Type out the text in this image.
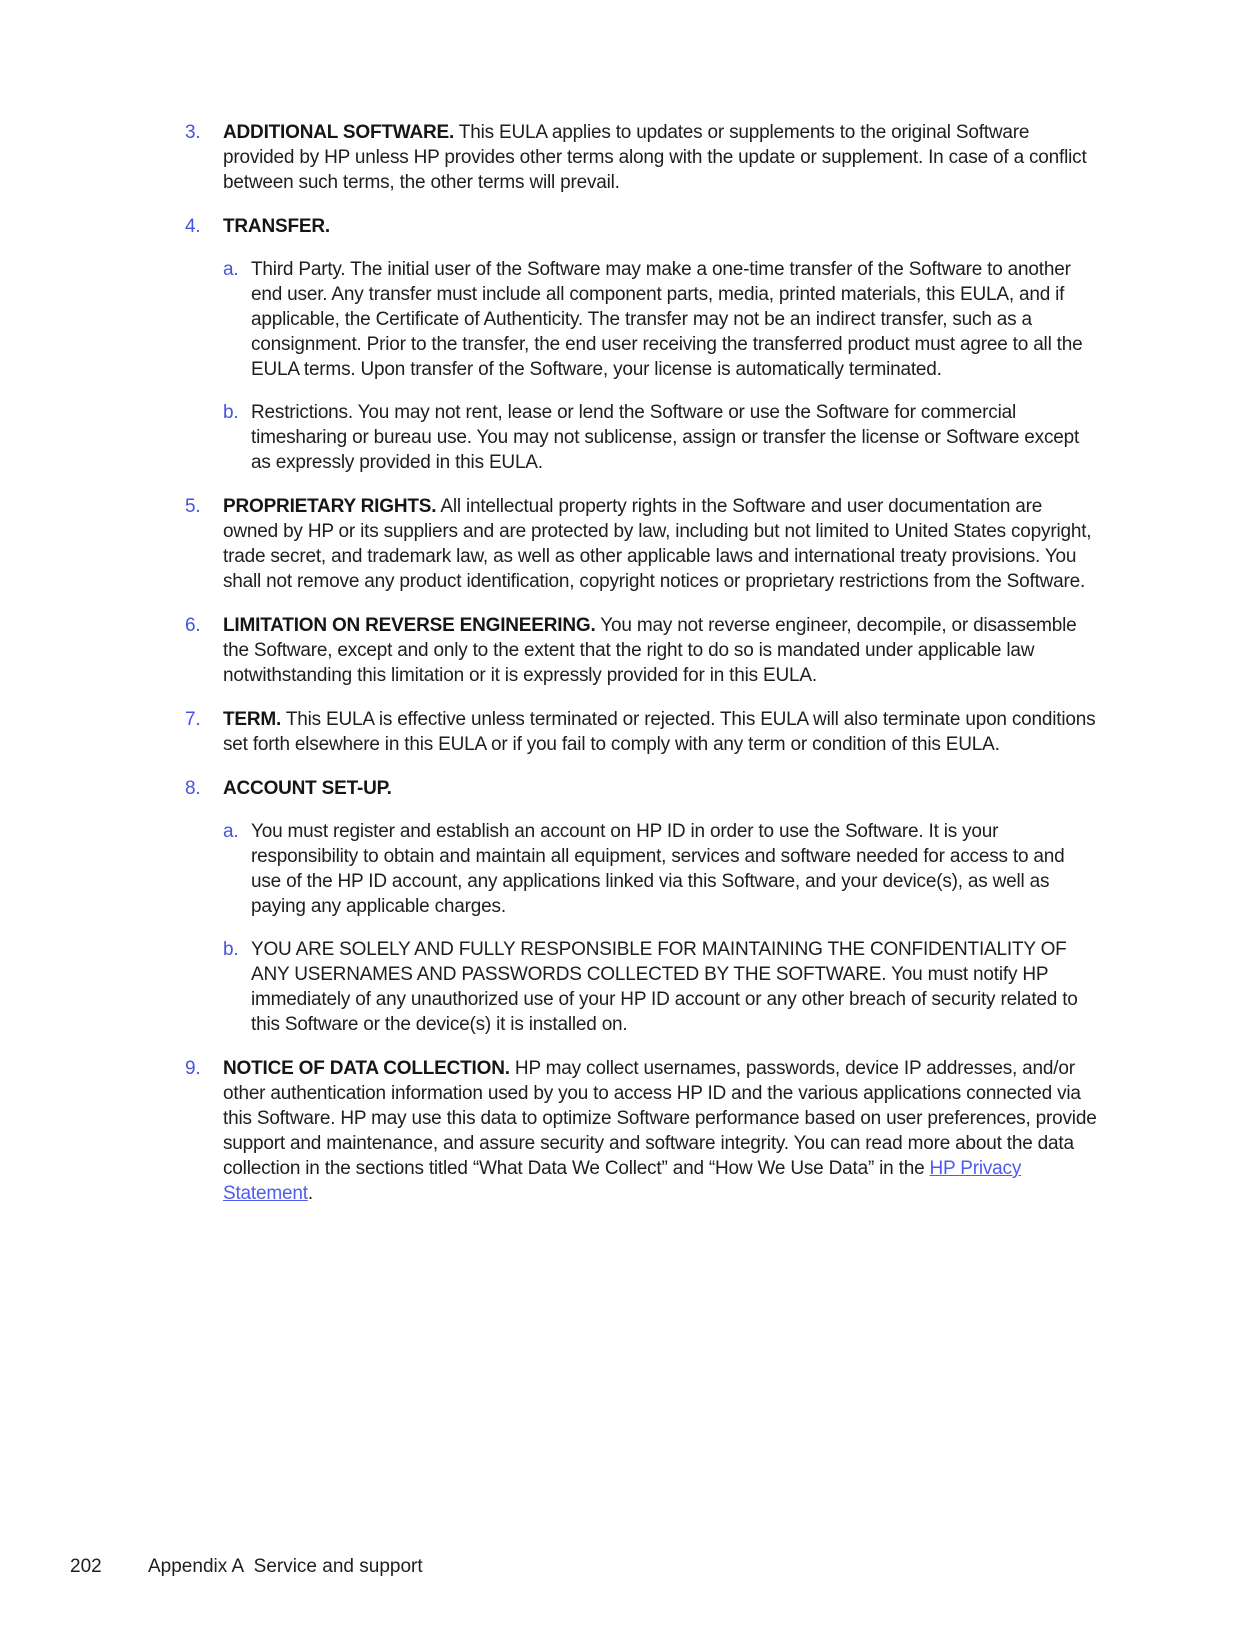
3.	ADDITIONAL SOFTWARE. This EULA applies to updates or supplements to the original Software provided by HP unless HP provides other terms along with the update or supplement. In case of a conflict between such terms, the other terms will prevail.
4.	TRANSFER.
a. Third Party. The initial user of the Software may make a one-time transfer of the Software to another end user. Any transfer must include all component parts, media, printed materials, this EULA, and if applicable, the Certificate of Authenticity. The transfer may not be an indirect transfer, such as a consignment. Prior to the transfer, the end user receiving the transferred product must agree to all the EULA terms. Upon transfer of the Software, your license is automatically terminated.
b. Restrictions. You may not rent, lease or lend the Software or use the Software for commercial timesharing or bureau use. You may not sublicense, assign or transfer the license or Software except as expressly provided in this EULA.
5.	PROPRIETARY RIGHTS. All intellectual property rights in the Software and user documentation are owned by HP or its suppliers and are protected by law, including but not limited to United States copyright, trade secret, and trademark law, as well as other applicable laws and international treaty provisions. You shall not remove any product identification, copyright notices or proprietary restrictions from the Software.
6.	LIMITATION ON REVERSE ENGINEERING. You may not reverse engineer, decompile, or disassemble the Software, except and only to the extent that the right to do so is mandated under applicable law notwithstanding this limitation or it is expressly provided for in this EULA.
7.	TERM. This EULA is effective unless terminated or rejected. This EULA will also terminate upon conditions set forth elsewhere in this EULA or if you fail to comply with any term or condition of this EULA.
8.	ACCOUNT SET-UP.
a. You must register and establish an account on HP ID in order to use the Software. It is your responsibility to obtain and maintain all equipment, services and software needed for access to and use of the HP ID account, any applications linked via this Software, and your device(s), as well as paying any applicable charges.
b. YOU ARE SOLELY AND FULLY RESPONSIBLE FOR MAINTAINING THE CONFIDENTIALITY OF ANY USERNAMES AND PASSWORDS COLLECTED BY THE SOFTWARE. You must notify HP immediately of any unauthorized use of your HP ID account or any other breach of security related to this Software or the device(s) it is installed on.
9.	NOTICE OF DATA COLLECTION. HP may collect usernames, passwords, device IP addresses, and/or other authentication information used by you to access HP ID and the various applications connected via this Software. HP may use this data to optimize Software performance based on user preferences, provide support and maintenance, and assure security and software integrity. You can read more about the data collection in the sections titled “What Data We Collect” and “How We Use Data” in the HP Privacy Statement.
202	Appendix A  Service and support
